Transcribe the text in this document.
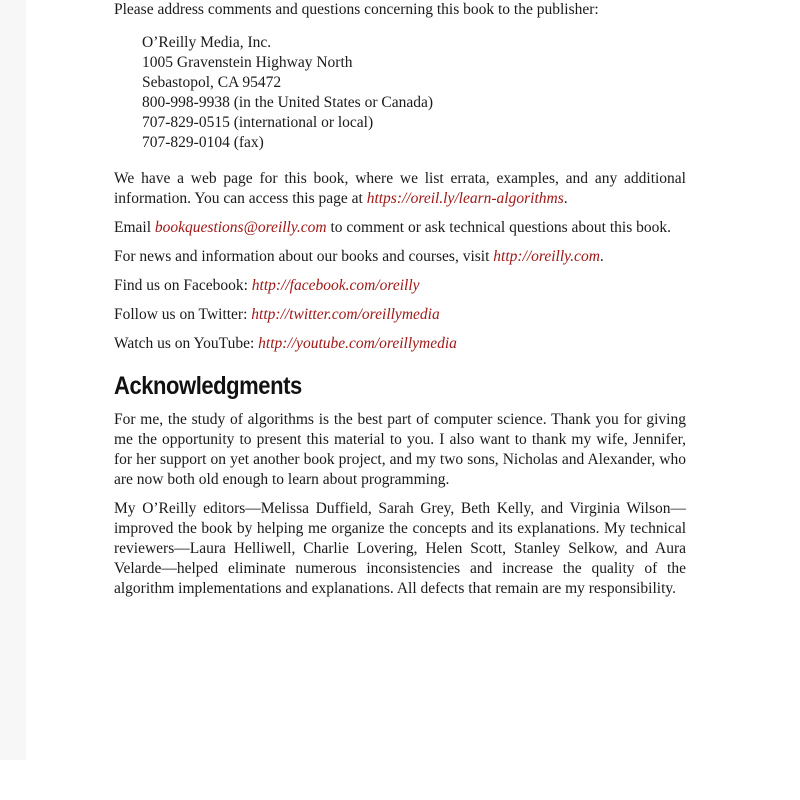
Please address comments and questions concerning this book to the publisher:

O’Reilly Media, Inc.
1005 Gravenstein Highway North
Sebastopol, CA 95472
800-998-9938 (in the United States or Canada)
707-829-0515 (international or local)
707-829-0104 (fax)

We have a web page for this book, where we list errata, examples, and any additional information. You can access this page at https://oreil.ly/learn-algorithms.

Email bookquestions@oreilly.com to comment or ask technical questions about this book.

For news and information about our books and courses, visit http://oreilly.com.

Find us on Facebook: http://facebook.com/oreilly

Follow us on Twitter: http://twitter.com/oreillymedia

Watch us on YouTube: http://youtube.com/oreillymedia

Acknowledgments

For me, the study of algorithms is the best part of computer science. Thank you for giving me the opportunity to present this material to you. I also want to thank my wife, Jennifer, for her support on yet another book project, and my two sons, Nicholas and Alexander, who are now both old enough to learn about programming.

My O’Reilly editors—Melissa Duffield, Sarah Grey, Beth Kelly, and Virginia Wilson—improved the book by helping me organize the concepts and its explanations. My technical reviewers—Laura Helliwell, Charlie Lovering, Helen Scott, Stanley Selkow, and Aura Velarde—helped eliminate numerous inconsistencies and increase the quality of the algorithm implementations and explanations. All defects that remain are my responsibility.
